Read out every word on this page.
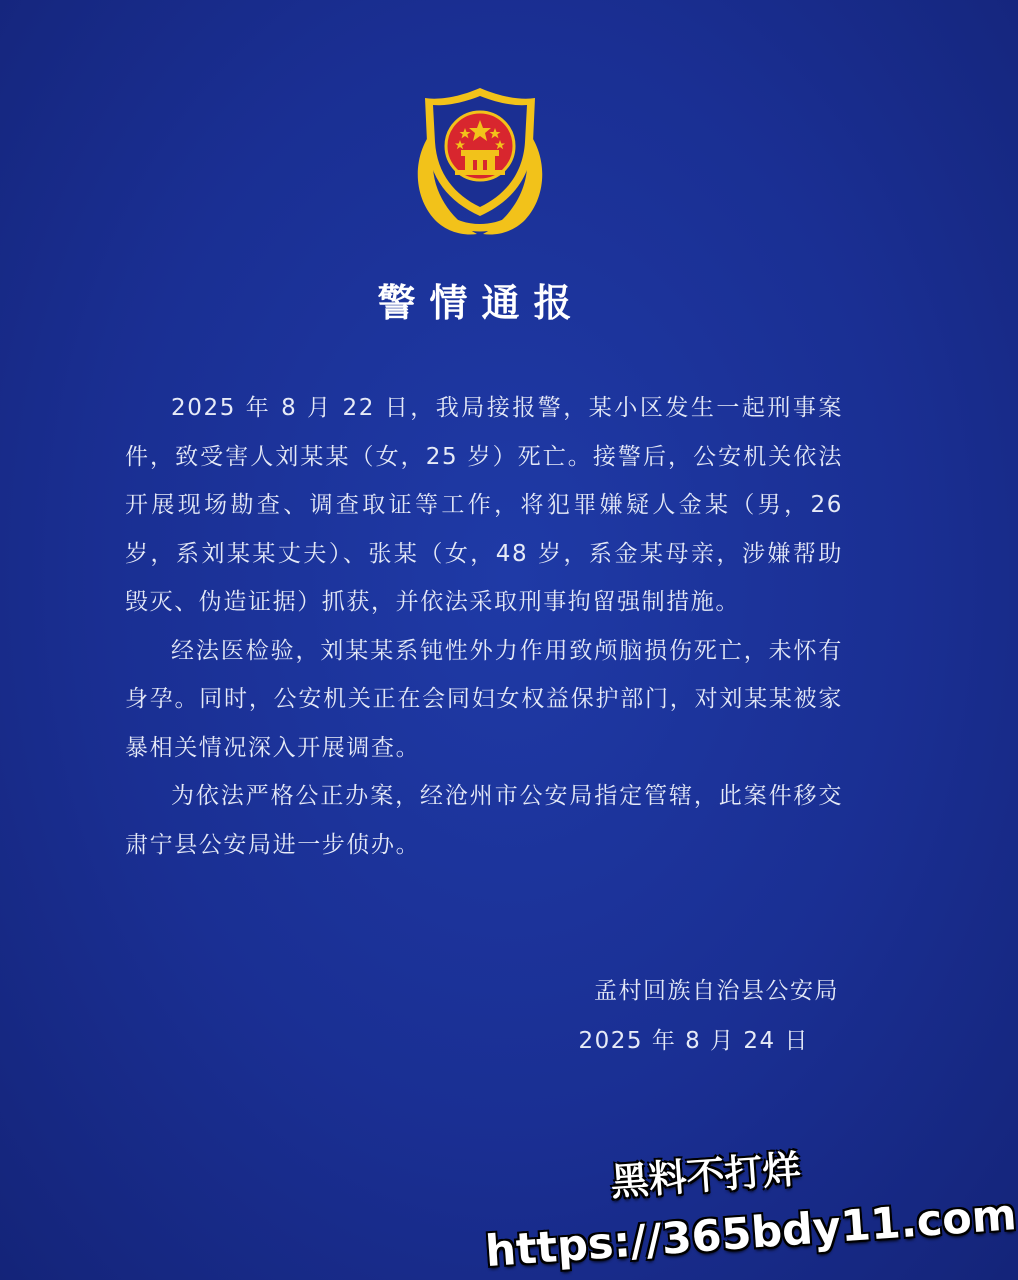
警情通报

2025 年 8 月 22 日，我局接报警，某小区发生一起刑事案件，致受害人刘某某（女，25 岁）死亡。接警后，公安机关依法开展现场勘查、调查取证等工作，将犯罪嫌疑人金某（男，26 岁，系刘某某丈夫）、张某（女，48 岁，系金某母亲，涉嫌帮助毁灭、伪造证据）抓获，并依法采取刑事拘留强制措施。

经法医检验，刘某某系钝性外力作用致颅脑损伤死亡，未怀有身孕。同时，公安机关正在会同妇女权益保护部门，对刘某某被家暴相关情况深入开展调查。

为依法严格公正办案，经沧州市公安局指定管辖，此案件移交肃宁县公安局进一步侦办。

孟村回族自治县公安局
2025 年 8 月 24 日
黑料不打烊
https://365bdy11.com
